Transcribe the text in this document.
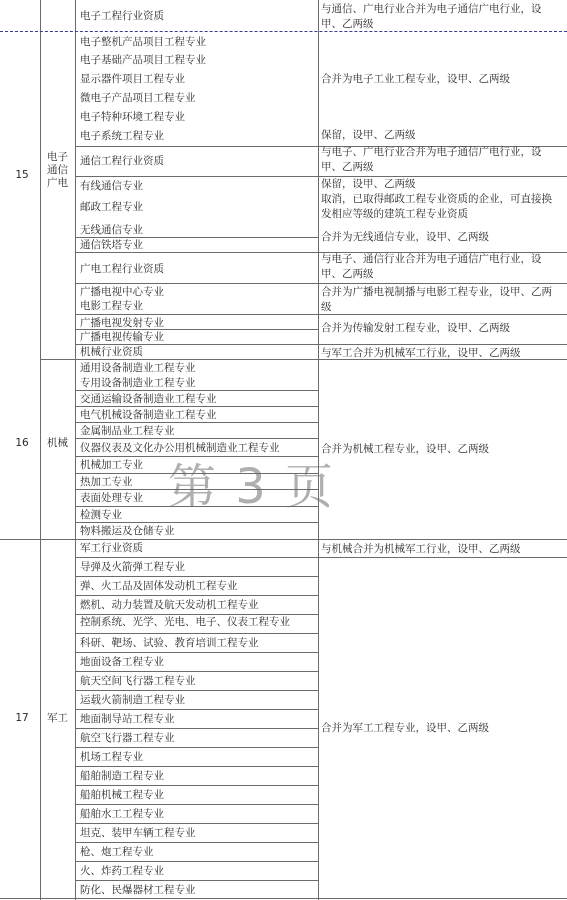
电子工程行业资质
与通信、广电行业合并为电子通信广电行业，设甲、乙两级
15
电子通信广电
电子整机产品项目工程专业
电子基础产品项目工程专业
显示器件项目工程专业
微电子产品项目工程专业
电子特种环境工程专业
电子系统工程专业
通信工程行业资质
有线通信专业
邮政工程专业
无线通信专业
通信铁塔专业
广电工程行业资质
广播电视中心专业
电影工程专业
广播电视发射专业
广播电视传输专业
合并为电子工业工程专业，设甲、乙两级
保留，设甲、乙两级
与电子、广电行业合并为电子通信广电行业，设甲、乙两级
保留，设甲、乙两级
取消，已取得邮政工程专业资质的企业，可直接换发相应等级的建筑工程专业资质
合并为无线通信专业，设甲、乙两级
与电子、通信行业合并为电子通信广电行业，设甲、乙两级
合并为广播电视制播与电影工程专业，设甲、乙两级
合并为传输发射工程专业，设甲、乙两级
16	机械
机械行业资质
通用设备制造业工程专业
专用设备制造业工程专业
交通运输设备制造业工程专业
电气机械设备制造业工程专业
金属制品业工程专业
仪器仪表及文化办公用机械制造业工程专业
机械加工专业
热加工专业
表面处理专业
检测专业
物料搬运及仓储专业
与军工合并为机械军工行业，设甲、乙两级
合并为机械工程专业，设甲、乙两级
17	军工
军工行业资质
导弹及火箭弹工程专业
弹、火工品及固体发动机工程专业
燃机、动力装置及航天发动机工程专业
控制系统、光学、光电、电子、仪表工程专业
科研、靶场、试验、教育培训工程专业
地面设备工程专业
航天空间飞行器工程专业
运载火箭制造工程专业
地面制导站工程专业
航空飞行器工程专业
机场工程专业
船舶制造工程专业
船舶机械工程专业
船舶水工工程专业
坦克、装甲车辆工程专业
枪、炮工程专业
火、炸药工程专业
防化、民爆器材工程专业
与机械合并为机械军工行业，设甲、乙两级
合并为军工工程专业，设甲、乙两级
第 3 页
